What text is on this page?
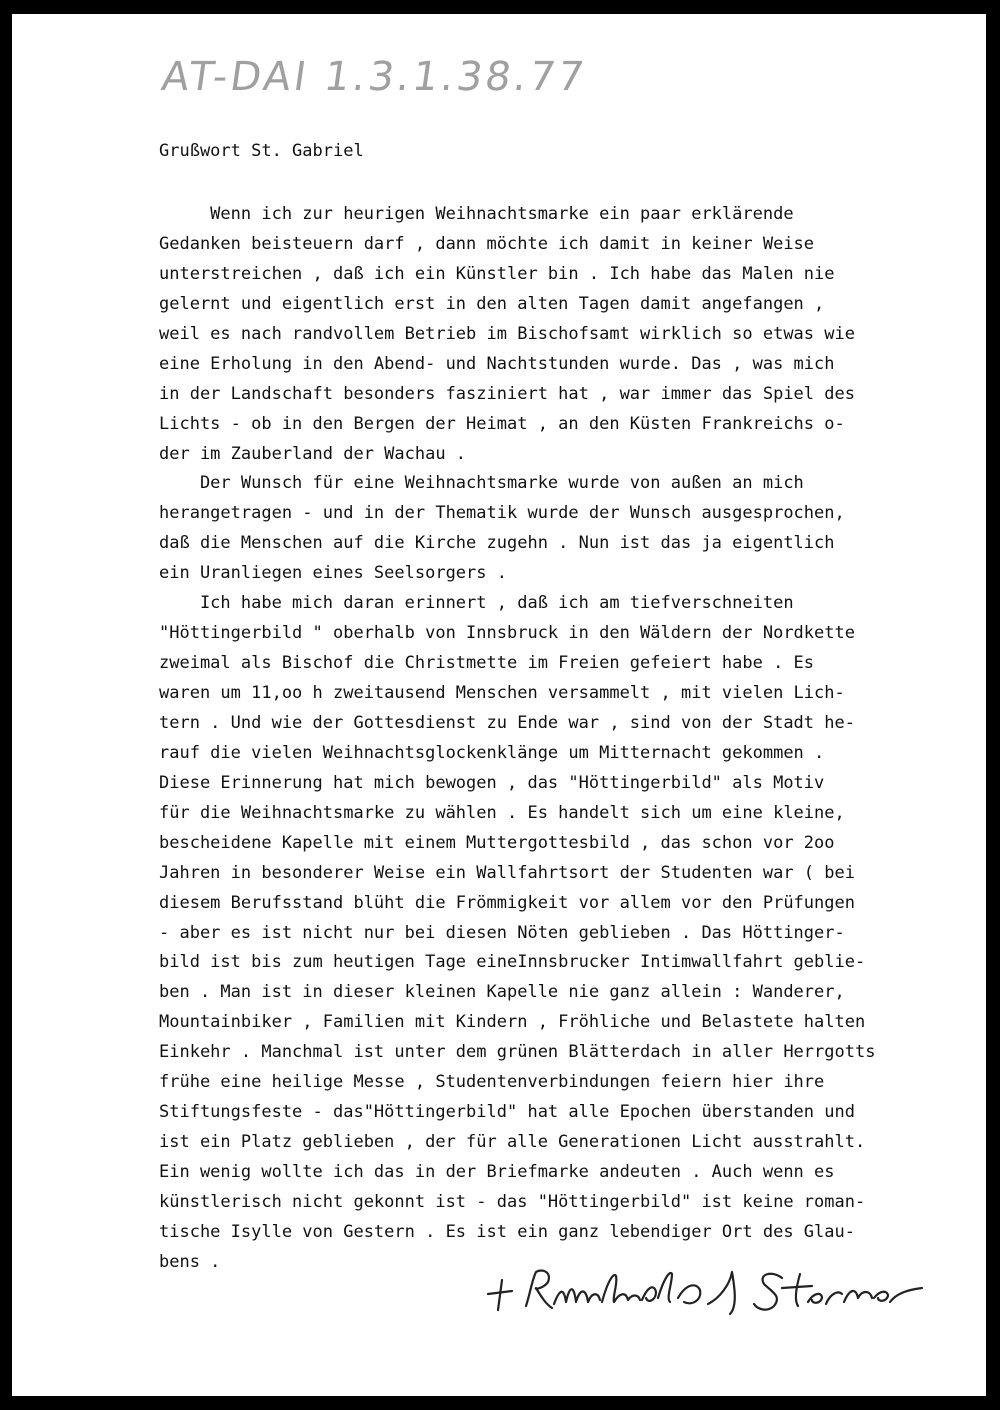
AT-DAI 1.3.1.38.77
Grußwort St. Gabriel
Wenn ich zur heurigen Weihnachtsmarke ein paar erklärende
Gedanken beisteuern darf , dann möchte ich damit in keiner Weise
unterstreichen , daß ich ein Künstler bin . Ich habe das Malen nie
gelernt und eigentlich erst in den alten Tagen damit angefangen ,
weil es nach randvollem Betrieb im Bischofsamt wirklich so etwas wie
eine Erholung in den Abend- und Nachtstunden wurde. Das , was mich
in der Landschaft besonders fasziniert hat , war immer das Spiel des
Lichts - ob in den Bergen der Heimat , an den Küsten Frankreichs o-
der im Zauberland der Wachau .
Der Wunsch für eine Weihnachtsmarke wurde von außen an mich
herangetragen - und in der Thematik wurde der Wunsch ausgesprochen,
daß die Menschen auf die Kirche zugehn . Nun ist das ja eigentlich
ein Uranliegen eines Seelsorgers .
Ich habe mich daran erinnert , daß ich am tiefverschneiten
"Höttingerbild " oberhalb von Innsbruck in den Wäldern der Nordkette
zweimal als Bischof die Christmette im Freien gefeiert habe . Es
waren um 11,oo h zweitausend Menschen versammelt , mit vielen Lich-
tern . Und wie der Gottesdienst zu Ende war , sind von der Stadt he-
rauf die vielen Weihnachtsglockenklänge um Mitternacht gekommen .
Diese Erinnerung hat mich bewogen , das "Höttingerbild" als Motiv
für die Weihnachtsmarke zu wählen . Es handelt sich um eine kleine,
bescheidene Kapelle mit einem Muttergottesbild , das schon vor 2oo
Jahren in besonderer Weise ein Wallfahrtsort der Studenten war ( bei
diesem Berufsstand blüht die Frömmigkeit vor allem vor den Prüfungen
- aber es ist nicht nur bei diesen Nöten geblieben . Das Höttinger-
bild ist bis zum heutigen Tage eineInnsbrucker Intimwallfahrt geblie-
ben . Man ist in dieser kleinen Kapelle nie ganz allein : Wanderer,
Mountainbiker , Familien mit Kindern , Fröhliche und Belastete halten
Einkehr . Manchmal ist unter dem grünen Blätterdach in aller Herrgotts
frühe eine heilige Messe , Studentenverbindungen feiern hier ihre
Stiftungsfeste - das"Höttingerbild" hat alle Epochen überstanden und
ist ein Platz geblieben , der für alle Generationen Licht ausstrahlt.
Ein wenig wollte ich das in der Briefmarke andeuten . Auch wenn es
künstlerisch nicht gekonnt ist - das "Höttingerbild" ist keine roman-
tische Isylle von Gestern . Es ist ein ganz lebendiger Ort des Glau-
bens .
